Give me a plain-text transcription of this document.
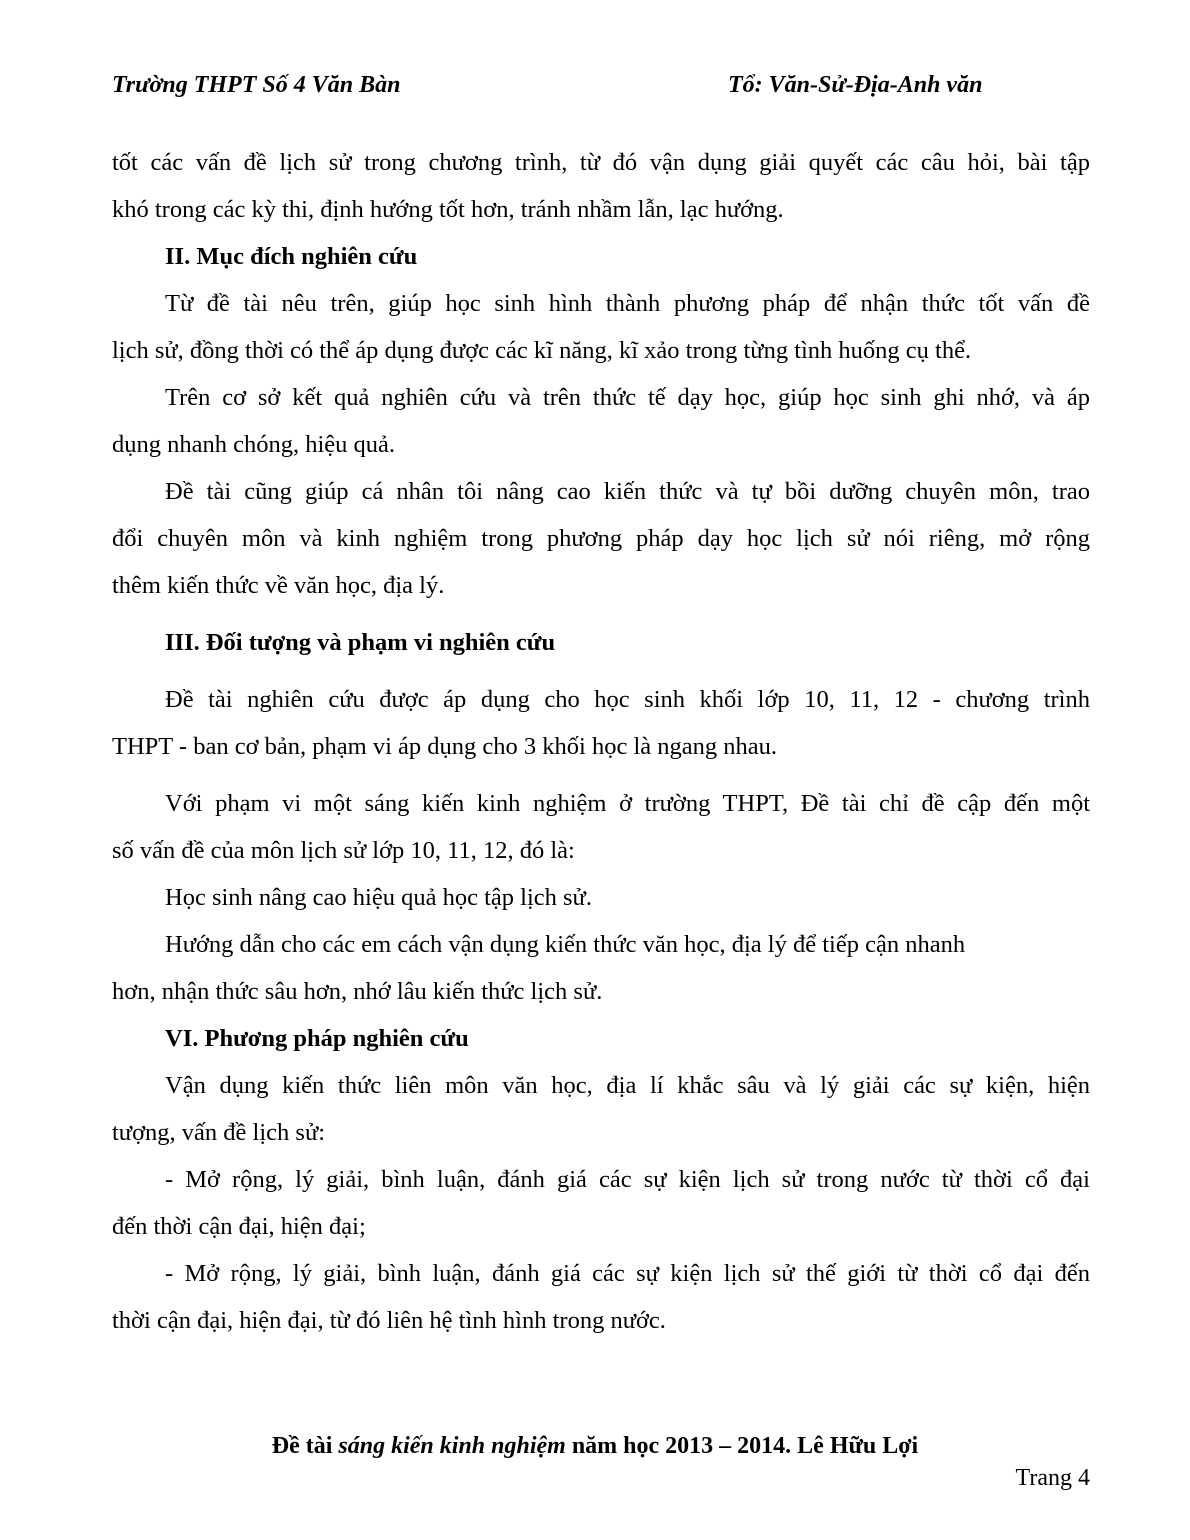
Trường THPT Số 4 Văn Bàn	Tổ: Văn-Sử-Địa-Anh văn
tốt các vấn đề lịch sử trong chương trình, từ đó vận dụng giải quyết các câu hỏi, bài tập
khó trong các kỳ thi, định hướng tốt hơn, tránh nhầm lẫn, lạc hướng.
II. Mục đích nghiên cứu
Từ đề tài nêu trên, giúp học sinh hình thành phương pháp để nhận thức tốt vấn đề
lịch sử, đồng thời có thể áp dụng được các kĩ năng, kĩ xảo trong từng tình huống cụ thể.
Trên cơ sở kết quả nghiên cứu và trên thức tế dạy học, giúp học sinh ghi nhớ, và áp
dụng nhanh chóng, hiệu quả.
Đề tài cũng giúp cá nhân tôi nâng cao kiến thức và tự bồi dưỡng chuyên môn, trao
đổi chuyên môn và kinh nghiệm trong phương pháp dạy học lịch sử nói riêng, mở rộng
thêm kiến thức về văn học, địa lý.
III. Đối tượng và phạm vi nghiên cứu
Đề tài nghiên cứu được áp dụng cho học sinh khối lớp 10, 11, 12 - chương trình
THPT - ban cơ bản, phạm vi áp dụng cho 3 khối học là ngang nhau.
Với phạm vi một sáng kiến kinh nghiệm ở trường THPT, Đề tài chỉ đề cập đến một
số vấn đề của môn lịch sử lớp 10, 11, 12, đó là:
Học sinh nâng cao hiệu quả học tập lịch sử.
Hướng dẫn cho các em cách vận dụng kiến thức văn học, địa lý để tiếp cận nhanh
hơn, nhận thức sâu hơn, nhớ lâu kiến thức lịch sử.
VI. Phương pháp nghiên cứu
Vận dụng kiến thức liên môn văn học, địa lí khắc sâu và lý giải các sự kiện, hiện
tượng, vấn đề lịch sử:
- Mở rộng, lý giải, bình luận, đánh giá các sự kiện lịch sử trong nước từ thời cổ đại
đến thời cận đại, hiện đại;
- Mở rộng, lý giải, bình luận, đánh giá các sự kiện lịch sử thế giới từ thời cổ đại đến
thời cận đại, hiện đại, từ đó liên hệ tình hình trong nước.
Đề tài sáng kiến kinh nghiệm năm học 2013 – 2014. Lê Hữu Lợi
Trang 4
